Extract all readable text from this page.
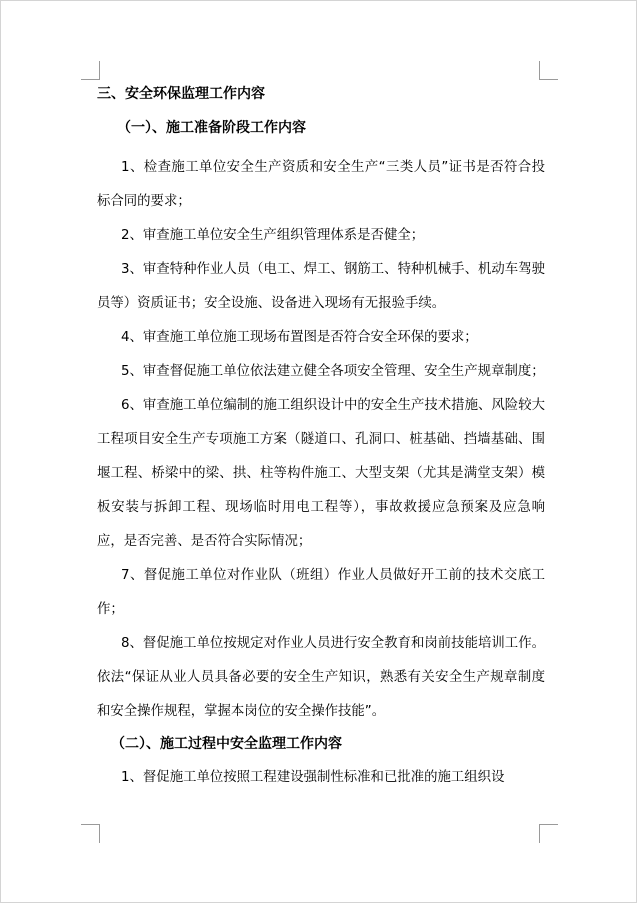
三、安全环保监理工作内容
（一）、施工准备阶段工作内容

1、检查施工单位安全生产资质和安全生产“三类人员”证书是否符合投标合同的要求；

2、审查施工单位安全生产组织管理体系是否健全；

3、审查特种作业人员（电工、焊工、钢筋工、特种机械手、机动车驾驶员等）资质证书；安全设施、设备进入现场有无报验手续。

4、审查施工单位施工现场布置图是否符合安全环保的要求；

5、审查督促施工单位依法建立健全各项安全管理、安全生产规章制度；

6、审查施工单位编制的施工组织设计中的安全生产技术措施、风险较大工程项目安全生产专项施工方案（隧道口、孔洞口、桩基础、挡墙基础、围堰工程、桥梁中的梁、拱、柱等构件施工、大型支架（尤其是满堂支架）模板安装与拆卸工程、现场临时用电工程等），事故救援应急预案及应急响应，是否完善、是否符合实际情况；

7、督促施工单位对作业队（班组）作业人员做好开工前的技术交底工作；

8、督促施工单位按规定对作业人员进行安全教育和岗前技能培训工作。依法“保证从业人员具备必要的安全生产知识，熟悉有关安全生产规章制度和安全操作规程，掌握本岗位的安全操作技能”。

（二）、施工过程中安全监理工作内容

1、督促施工单位按照工程建设强制性标准和已批准的施工组织设
